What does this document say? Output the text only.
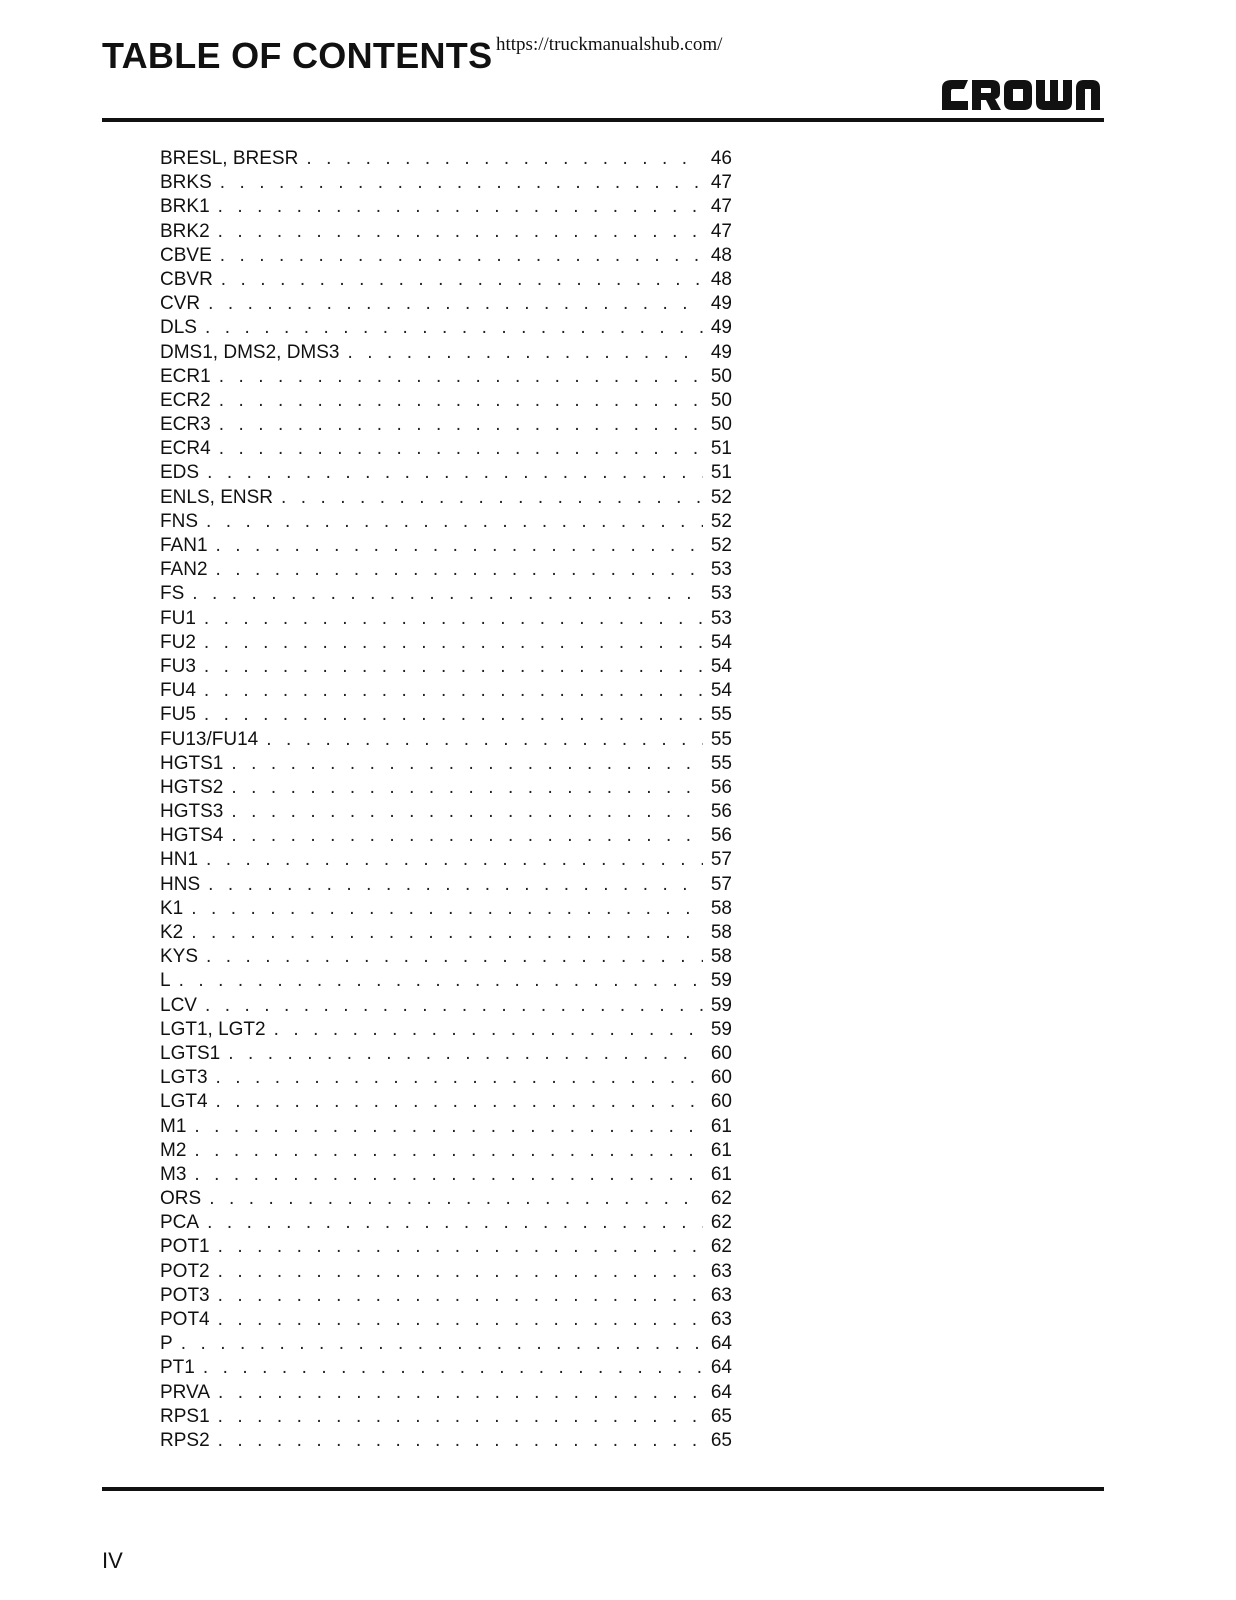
TABLE OF CONTENTS https://truckmanualshub.com/
BRESL, BRESR . . .	46
BRKS . . .	47
BRK1 . . .	47
BRK2 . . .	47
CBVE . . .	48
CBVR . . .	48
CVR . . .	49
DLS . . .	49
DMS1, DMS2, DMS3 . . .	49
ECR1 . . .	50
ECR2 . . .	50
ECR3 . . .	50
ECR4 . . .	51
EDS . . .	51
ENLS, ENSR . . .	52
FNS . . .	52
FAN1 . . .	52
FAN2 . . .	53
FS . . .	53
FU1 . . .	53
FU2 . . .	54
FU3 . . .	54
FU4 . . .	54
FU5 . . .	55
FU13/FU14 . . .	55
HGTS1 . . .	55
HGTS2 . . .	56
HGTS3 . . .	56
HGTS4 . . .	56
HN1 . . .	57
HNS . . .	57
K1 . . .	58
K2 . . .	58
KYS . . .	58
L . . .	59
LCV . . .	59
LGT1, LGT2 . . .	59
LGTS1 . . .	60
LGT3 . . .	60
LGT4 . . .	60
M1 . . .	61
M2 . . .	61
M3 . . .	61
ORS . . .	62
PCA . . .	62
POT1 . . .	62
POT2 . . .	63
POT3 . . .	63
POT4 . . .	63
P . . .	64
PT1 . . .	64
PRVA . . .	64
RPS1 . . .	65
RPS2 . . .	65
IV
